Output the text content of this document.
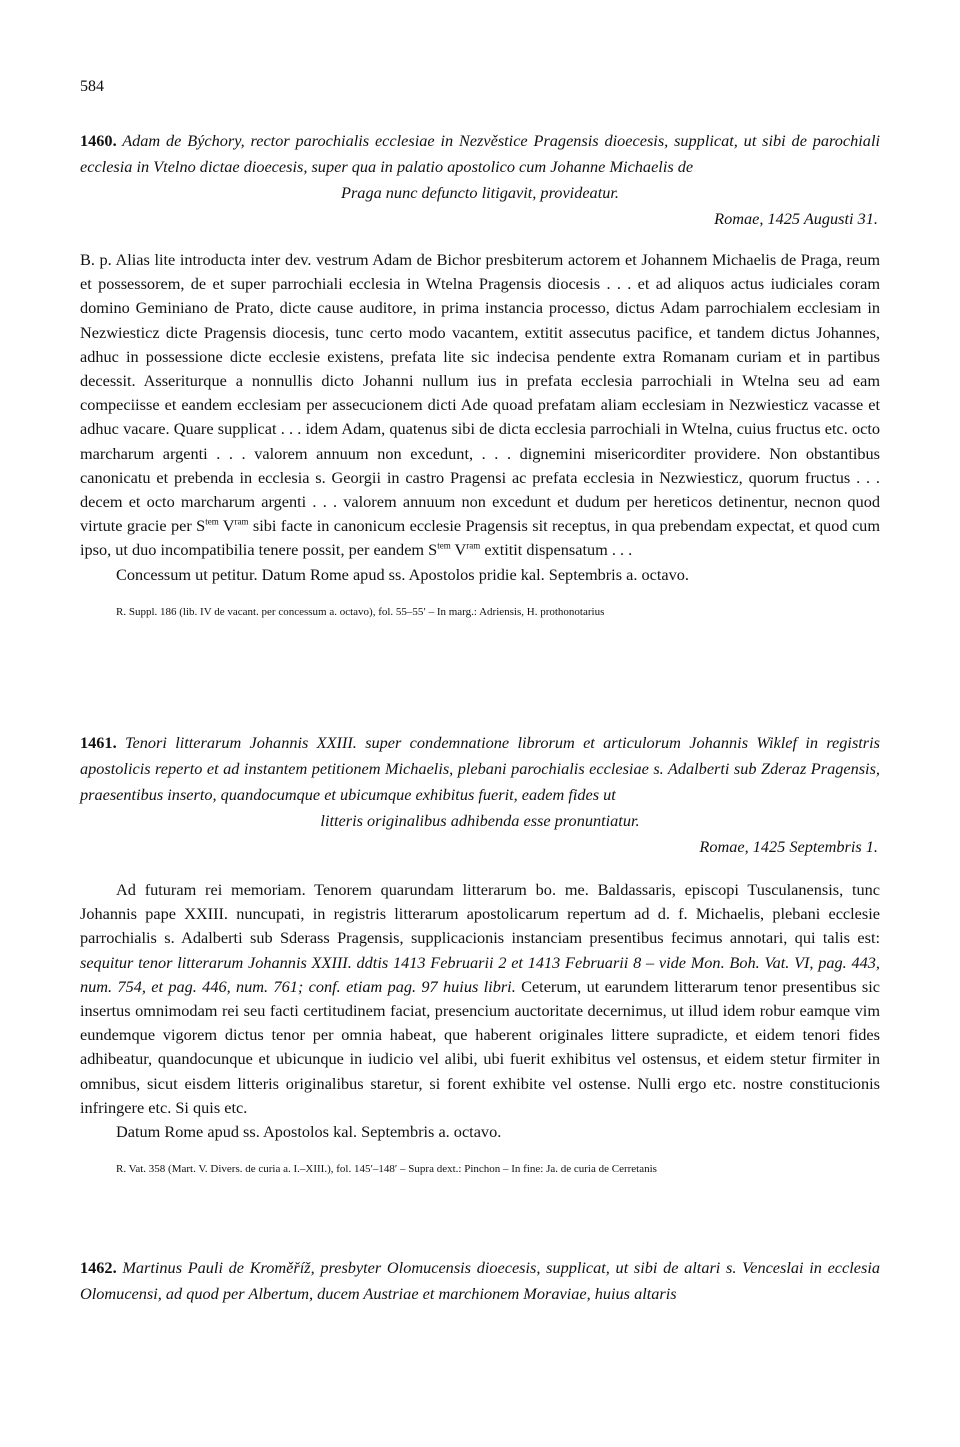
584
1460. Adam de Býchory, rector parochialis ecclesiae in Nezvěstice Pragensis dioecesis, supplicat, ut sibi de parochiali ecclesia in Vtelno dictae dioecesis, super qua in palatio apostolico cum Johanne Michaelis de
Praga nunc defuncto litigavit, provideatur.
Romae, 1425 Augusti 31.

B. p. Alias lite introducta inter dev. vestrum Adam de Bichor presbiterum actorem et Johannem Michaelis de Praga, reum et possessorem, de et super parrochiali ecclesia in Wtelna Pragensis diocesis . . . et ad aliquos actus iudiciales coram domino Geminiano de Prato, dicte cause auditore, in prima instancia processo, dictus Adam parrochialem ecclesiam in Nezwiesticz dicte Pragensis diocesis, tunc certo modo vacantem, extitit assecutus pacifice, et tandem dictus Johannes, adhuc in possessione dicte ecclesie existens, prefata lite sic indecisa pendente extra Romanam curiam et in partibus decessit. Asseriturque a nonnullis dicto Johanni nullum ius in prefata ecclesia parrochiali in Wtelna seu ad eam compeciisse et eandem ecclesiam per assecucionem dicti Ade quoad prefatam aliam ecclesiam in Nezwiesticz vacasse et adhuc vacare. Quare supplicat . . . idem Adam, quatenus sibi de dicta ecclesia parrochiali in Wtelna, cuius fructus etc. octo marcharum argenti . . . valorem annuum non excedunt, . . . dignemini misericorditer providere. Non obstantibus canonicatu et prebenda in ecclesia s. Georgii in castro Pragensi ac prefata ecclesia in Nezwiesticz, quorum fructus . . . decem et octo marcharum argenti . . . valorem annuum non excedunt et dudum per hereticos detinentur, necnon quod virtute gracie per $S^{tem}$ $V^{ram}$ sibi facte in canonicum ecclesie Pragensis sit receptus, in qua prebendam expectat, et quod cum ipso, ut duo incompatibilia tenere possit, per eandem $S^{tem}$ $V^{ram}$ extitit dispensatum . . .

Concessum ut petitur. Datum Rome apud ss. Apostolos pridie kal. Septembris a. octavo.

R. Suppl. 186 (lib. IV de vacant. per concessum a. octavo), fol. 55–55′ – In marg.: Adriensis, H. prothonotarius
1461. Tenori litterarum Johannis XXIII. super condemnatione librorum et articulorum Johannis Wiklef in registris apostolicis reperto et ad instantem petitionem Michaelis, plebani parochialis ecclesiae s. Adalberti sub Zderaz Pragensis, praesentibus inserto, quandocumque et ubicumque exhibitus fuerit, eadem fides ut
litteris originalibus adhibenda esse pronuntiatur.
Romae, 1425 Septembris 1.

Ad futuram rei memoriam. Tenorem quarundam litterarum bo. me. Baldassaris, episcopi Tusculanensis, tunc Johannis pape XXIII. nuncupati, in registris litterarum apostolicarum repertum ad d. f. Michaelis, plebani ecclesie parrochialis s. Adalberti sub Sderass Pragensis, supplicacionis instanciam presentibus fecimus annotari, qui talis est: sequitur tenor litterarum Johannis XXIII. ddtis 1413 Februarii 2 et 1413 Februarii 8 – vide Mon. Boh. Vat. VI, pag. 443, num. 754, et pag. 446, num. 761; conf. etiam pag. 97 huius libri. Ceterum, ut earundem litterarum tenor presentibus sic insertus omnimodam rei seu facti certitudinem faciat, presencium auctoritate decernimus, ut illud idem robur eamque vim eundemque vigorem dictus tenor per omnia habeat, que haberent originales littere supradicte, et eidem tenori fides adhibeatur, quandocunque et ubicunque in iudicio vel alibi, ubi fuerit exhibitus vel ostensus, et eidem stetur firmiter in omnibus, sicut eisdem litteris originalibus staretur, si forent exhibite vel ostense. Nulli ergo etc. nostre constitucionis infringere etc. Si quis etc.

Datum Rome apud ss. Apostolos kal. Septembris a. octavo.

R. Vat. 358 (Mart. V. Divers. de curia a. I.–XIII.), fol. 145′–148′ – Supra dext.: Pinchon – In fine: Ja. de curia de Cerretanis
1462. Martinus Pauli de Kroměříž, presbyter Olomucensis dioecesis, supplicat, ut sibi de altari s. Venceslai in ecclesia Olomucensi, ad quod per Albertum, ducem Austriae et marchionem Moraviae, huius altaris
